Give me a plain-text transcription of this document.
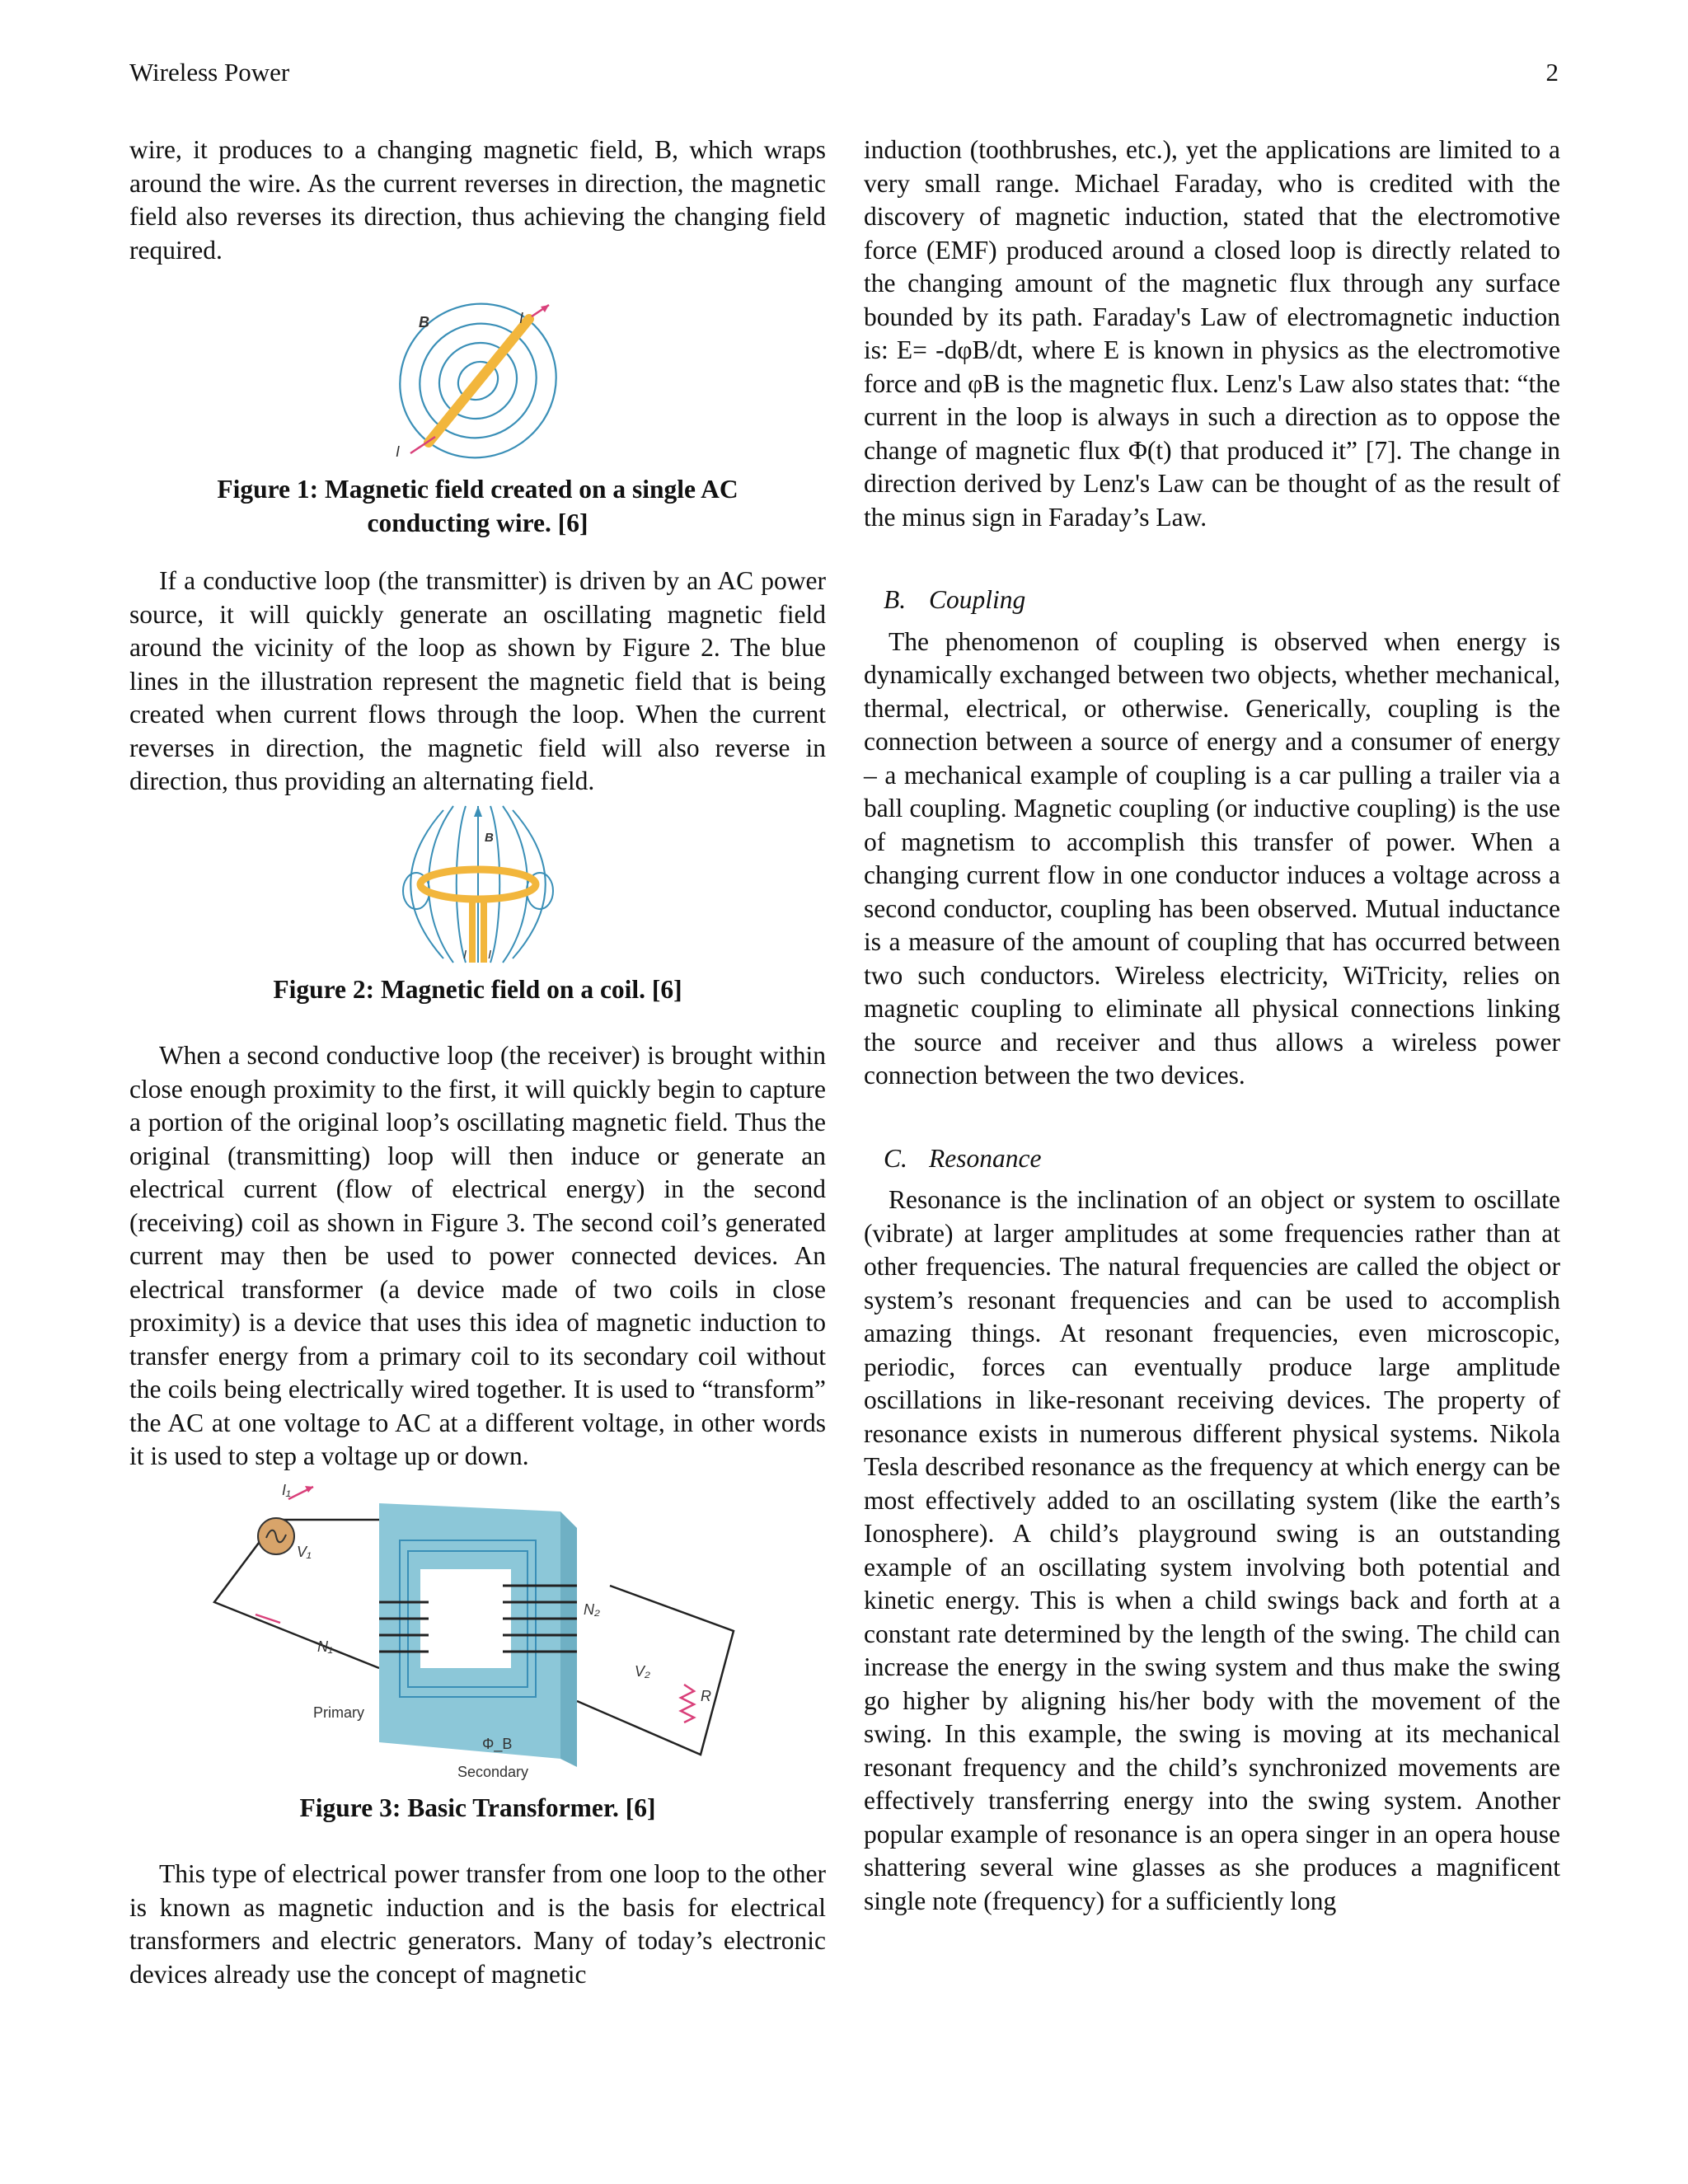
Wireless Power	2

wire, it produces to a changing magnetic field, B, which wraps around the wire. As the current reverses in direction, the magnetic field also reverses its direction, thus achieving the changing field required.

B	I
I

Figure 1: Magnetic field created on a single AC

conducting wire. [6]

If a conductive loop (the transmitter) is driven by an AC power source, it will quickly generate an oscillating magnetic field around the vicinity of the loop as shown by Figure 2. The blue lines in the illustration represent the magnetic field that is being created when current flows through the loop. When the current reverses in direction, the magnetic field will also reverse in direction, thus providing an alternating field.

B
I I

Figure 2: Magnetic field on a coil. [6]

When a second conductive loop (the receiver) is brought within close enough proximity to the first, it will quickly begin to capture a portion of the original loop’s oscillating magnetic field. Thus the original (transmitting) loop will then induce or generate an electrical current (flow of electrical energy) in the second (receiving) coil as shown in Figure 3. The second coil’s generated current may then be used to power connected devices. An electrical transformer (a device made of two coils in close proximity) is a device that uses this idea of magnetic induction to transfer energy from a primary coil to its secondary coil without the coils being electrically wired together. It is used to “transform” the AC at one voltage to AC at a different voltage, in other words it is used to step a voltage up or down.

I₁
V₁
N₁
N₂
V₂
R
Primary
Φ_B
Secondary

Figure 3: Basic Transformer. [6]

This type of electrical power transfer from one loop to the other is known as magnetic induction and is the basis for electrical transformers and electric generators. Many of today’s electronic devices already use the concept of magnetic

induction (toothbrushes, etc.), yet the applications are limited to a very small range. Michael Faraday, who is credited with the discovery of magnetic induction, stated that the electromotive force (EMF) produced around a closed loop is directly related to the changing amount of the magnetic flux through any surface bounded by its path. Faraday's Law of electromagnetic induction is: E= -dφB/dt, where E is known in physics as the electromotive force and φB is the magnetic flux. Lenz's Law also states that: “the current in the loop is always in such a direction as to oppose the change of magnetic flux Φ(t) that produced it” [7]. The change in direction derived by Lenz's Law can be thought of as the result of the minus sign in Faraday’s Law.

B. Coupling

The phenomenon of coupling is observed when energy is dynamically exchanged between two objects, whether mechanical, thermal, electrical, or otherwise. Generically, coupling is the connection between a source of energy and a consumer of energy – a mechanical example of coupling is a car pulling a trailer via a ball coupling. Magnetic coupling (or inductive coupling) is the use of magnetism to accomplish this transfer of power. When a changing current flow in one conductor induces a voltage across a second conductor, coupling has been observed. Mutual inductance is a measure of the amount of coupling that has occurred between two such conductors. Wireless electricity, WiTricity, relies on magnetic coupling to eliminate all physical connections linking the source and receiver and thus allows a wireless power connection between the two devices.

C. Resonance

Resonance is the inclination of an object or system to oscillate (vibrate) at larger amplitudes at some frequencies rather than at other frequencies. The natural frequencies are called the object or system’s resonant frequencies and can be used to accomplish amazing things. At resonant frequencies, even microscopic, periodic, forces can eventually produce large amplitude oscillations in like-resonant receiving devices. The property of resonance exists in numerous different physical systems. Nikola Tesla described resonance as the frequency at which energy can be most effectively added to an oscillating system (like the earth’s Ionosphere). A child’s playground swing is an outstanding example of an oscillating system involving both potential and kinetic energy. This is when a child swings back and forth at a constant rate determined by the length of the swing. The child can increase the energy in the swing system and thus make the swing go higher by aligning his/her body with the movement of the swing. In this example, the swing is moving at its mechanical resonant frequency and the child’s synchronized movements are effectively transferring energy into the swing system. Another popular example of resonance is an opera singer in an opera house shattering several wine glasses as she produces a magnificent single note (frequency) for a sufficiently long
